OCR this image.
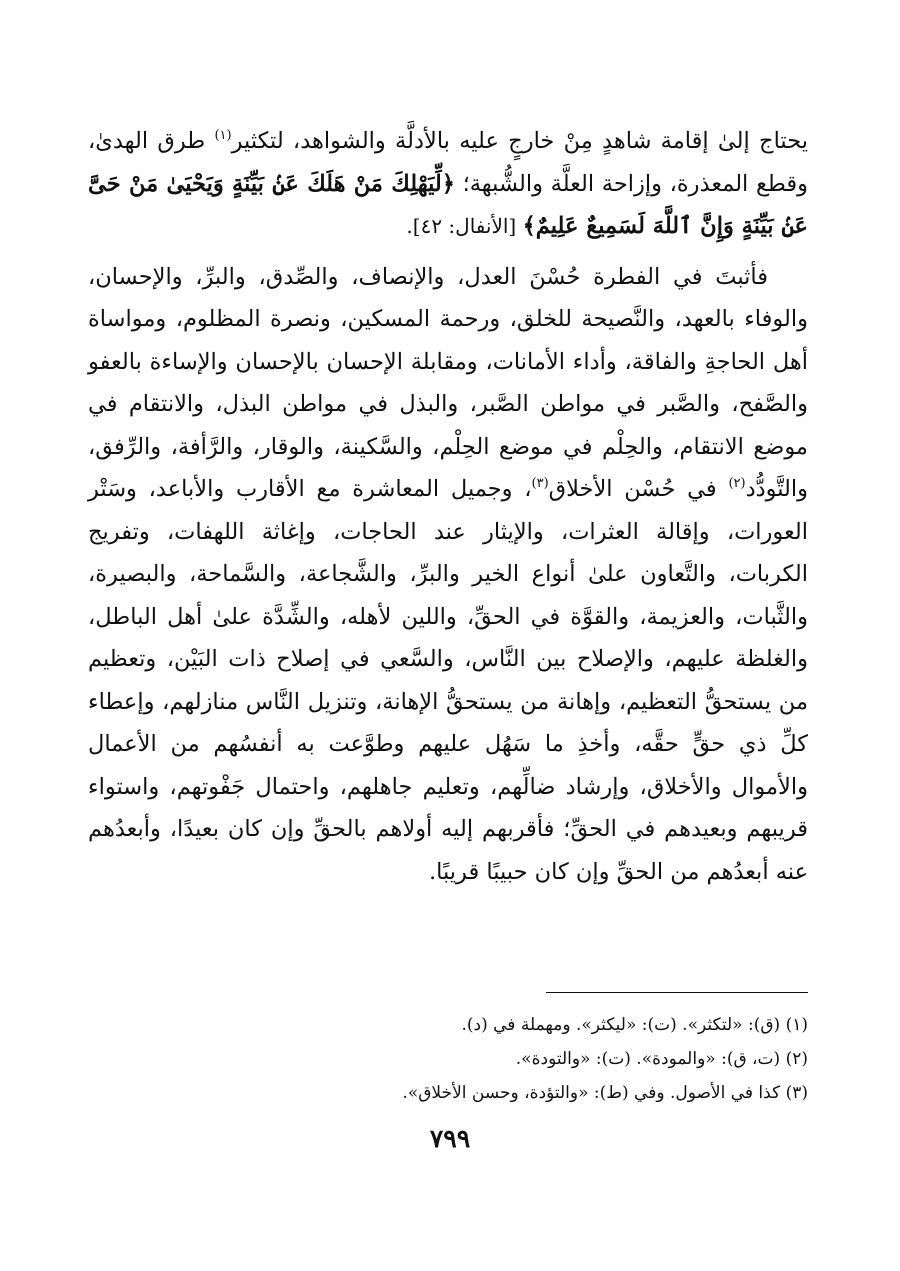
يحتاج إلىٰ إقامة شاهدٍ مِنْ خارجٍ عليه بالأدلَّة والشواهد، لتكثير$^{(١)}$ طرق الهدىٰ، وقطع المعذرة، وإزاحة العلَّة والشُّبهة؛ ﴿لِّيَهْلِكَ مَنْ هَلَكَ عَنۢ بَيِّنَةٍ وَيَحْيَىٰ مَنْ حَىَّ عَنۢ بَيِّنَةٍ وَإِنَّ ٱللَّهَ لَسَمِيعٌ عَلِيمٌ﴾ [الأنفال: ٤٢].

فأثبتَ في الفطرة حُسْنَ العدل، والإنصاف، والصِّدق، والبرِّ، والإحسان، والوفاء بالعهد، والنَّصيحة للخلق، ورحمة المسكين، ونصرة المظلوم، ومواساة أهل الحاجةِ والفاقة، وأداء الأمانات، ومقابلة الإحسان بالإحسان والإساءة بالعفو والصَّفح، والصَّبر في مواطن الصَّبر، والبذل في مواطن البذل، والانتقام في موضع الانتقام، والحِلْم في موضع الحِلْم، والسَّكينة، والوقار، والرَّأفة، والرِّفق، والتَّودُّد$^{(٢)}$ في حُسْن الأخلاق$^{(٣)}$، وجميل المعاشرة مع الأقارب والأباعد، وسَتْر العورات، وإقالة العثرات، والإيثار عند الحاجات، وإغاثة اللهفات، وتفريج الكربات، والتَّعاون علىٰ أنواع الخير والبرِّ، والشَّجاعة، والسَّماحة، والبصيرة، والثَّبات، والعزيمة، والقوَّة في الحقِّ، واللين لأهله، والشِّدَّة علىٰ أهل الباطل، والغلظة عليهم، والإصلاح بين النَّاس، والسَّعي في إصلاح ذات البَيْن، وتعظيم من يستحقُّ التعظيم، وإهانة من يستحقُّ الإهانة، وتنزيل النَّاس منازلهم، وإعطاء كلِّ ذي حقٍّ حقَّه، وأخذِ ما سَهُل عليهم وطوَّعت به أنفسُهم من الأعمال والأموال والأخلاق، وإرشاد ضالِّهم، وتعليم جاهلهم، واحتمال جَفْوتهم، واستواء قريبهم وبعيدهم في الحقِّ؛ فأقربهم إليه أولاهم بالحقِّ وإن كان بعيدًا، وأبعدُهم عنه أبعدُهم من الحقِّ وإن كان حبيبًا قريبًا.

(١) (ق): «لتكثر». (ت): «ليكثر». ومهملة في (د).
(٢) (ت، ق): «والمودة». (ت): «والتودة».
(٣) كذا في الأصول. وفي (ط): «والتؤدة، وحسن الأخلاق».
٧٩٩
